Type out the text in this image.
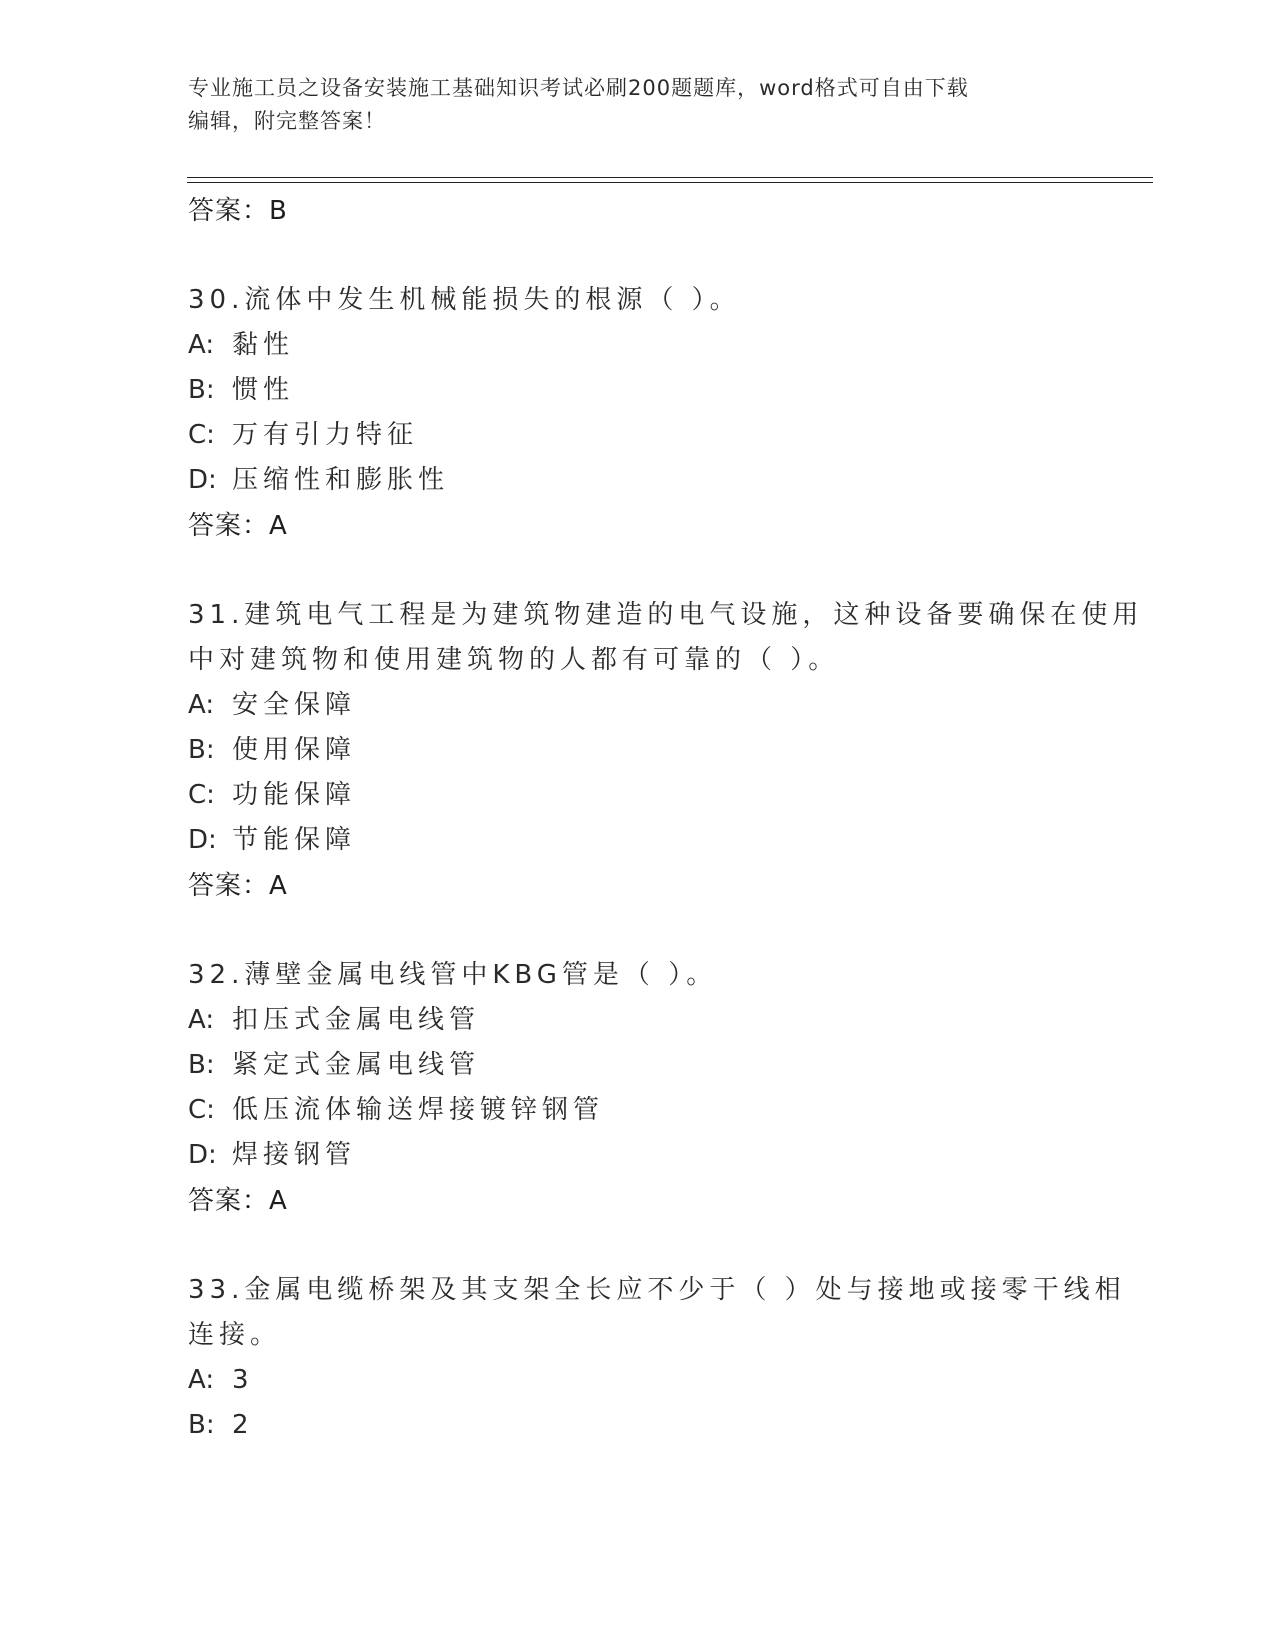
专业施工员之设备安装施工基础知识考试必刷200题题库，word格式可自由下载
编辑，附完整答案！
答案：B
30.流体中发生机械能损失的根源（ ）。
A: 黏性
B: 惯性
C: 万有引力特征
D: 压缩性和膨胀性
答案：A
31.建筑电气工程是为建筑物建造的电气设施，这种设备要确保在使用
中对建筑物和使用建筑物的人都有可靠的（ ）。
A: 安全保障
B: 使用保障
C: 功能保障
D: 节能保障
答案：A
32.薄壁金属电线管中KBG管是（ ）。
A: 扣压式金属电线管
B: 紧定式金属电线管
C: 低压流体输送焊接镀锌钢管
D: 焊接钢管
答案：A
33.金属电缆桥架及其支架全长应不少于（ ）处与接地或接零干线相
连接。
A: 3
B: 2
